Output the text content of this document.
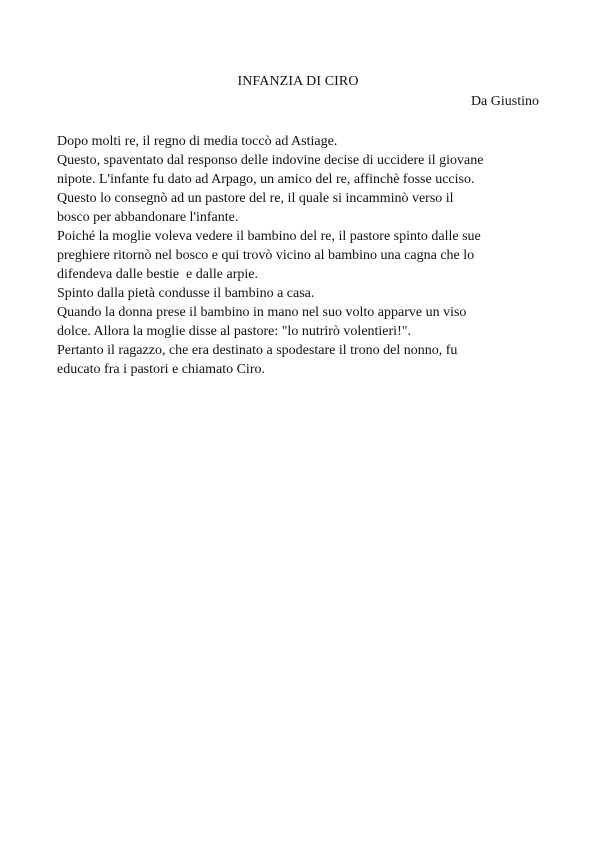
INFANZIA DI CIRO
Da Giustino
Dopo molti re, il regno di media toccò ad Astiage.
Questo, spaventato dal responso delle indovine decise di uccidere il giovane
nipote. L'infante fu dato ad Arpago, un amico del re, affinchè fosse ucciso.
Questo lo consegnò ad un pastore del re, il quale si incamminò verso il
bosco per abbandonare l'infante.
Poiché la moglie voleva vedere il bambino del re, il pastore spinto dalle sue
preghiere ritornò nel bosco e qui trovò vicino al bambino una cagna che lo
difendeva dalle bestie  e dalle arpie.
Spinto dalla pietà condusse il bambino a casa.
Quando la donna prese il bambino in mano nel suo volto apparve un viso
dolce. Allora la moglie disse al pastore: "lo nutrirò volentieri!".
Pertanto il ragazzo, che era destinato a spodestare il trono del nonno, fu
educato fra i pastori e chiamato Ciro.
